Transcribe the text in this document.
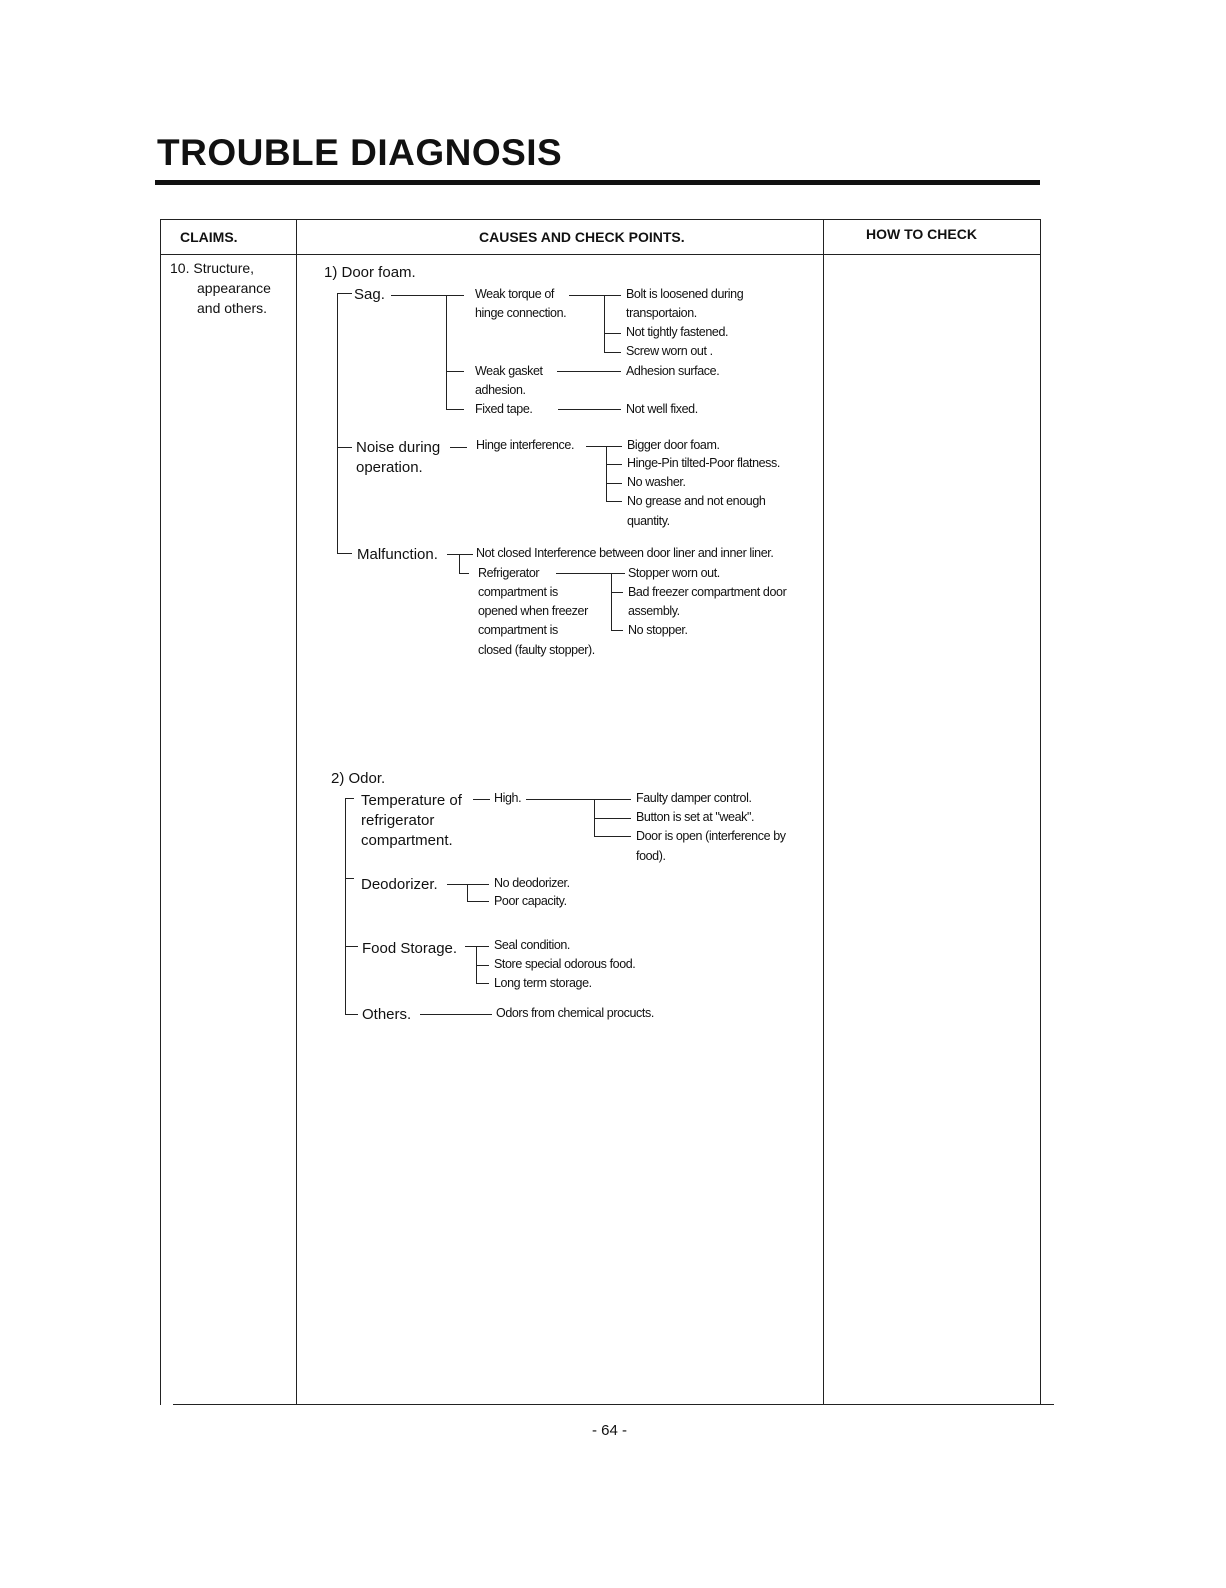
TROUBLE DIAGNOSIS
CLAIMS.	CAUSES AND CHECK POINTS.	HOW TO CHECK
10. Structure,
appearance
and others.
1) Door foam.
Sag.	Weak torque of
hinge connection.
Bolt is loosened during
transportaion.
Not tightly fastened.
Screw worn out .
Weak gasket
adhesion.
Adhesion surface.
Fixed tape.	Not well fixed.
Noise during
operation.
Hinge interference.	Bigger door foam.
Hinge-Pin tilted-Poor flatness.
No washer.
No grease and not enough
quantity.
Malfunction.	Not closed Interference between door liner and inner liner.
Refrigerator
compartment is
opened when freezer
compartment is
closed (faulty stopper).
Stopper worn out.
Bad freezer compartment door
assembly.
No stopper.
2) Odor.
Temperature of
refrigerator
compartment.
High.	Faulty damper control.
Button is set at "weak".
Door is open (interference by
food).
Deodorizer.	No deodorizer.
Poor capacity.
Food Storage.	Seal condition.
Store special odorous food.
Long term storage.
Others.	Odors from chemical procucts.
- 64 -
